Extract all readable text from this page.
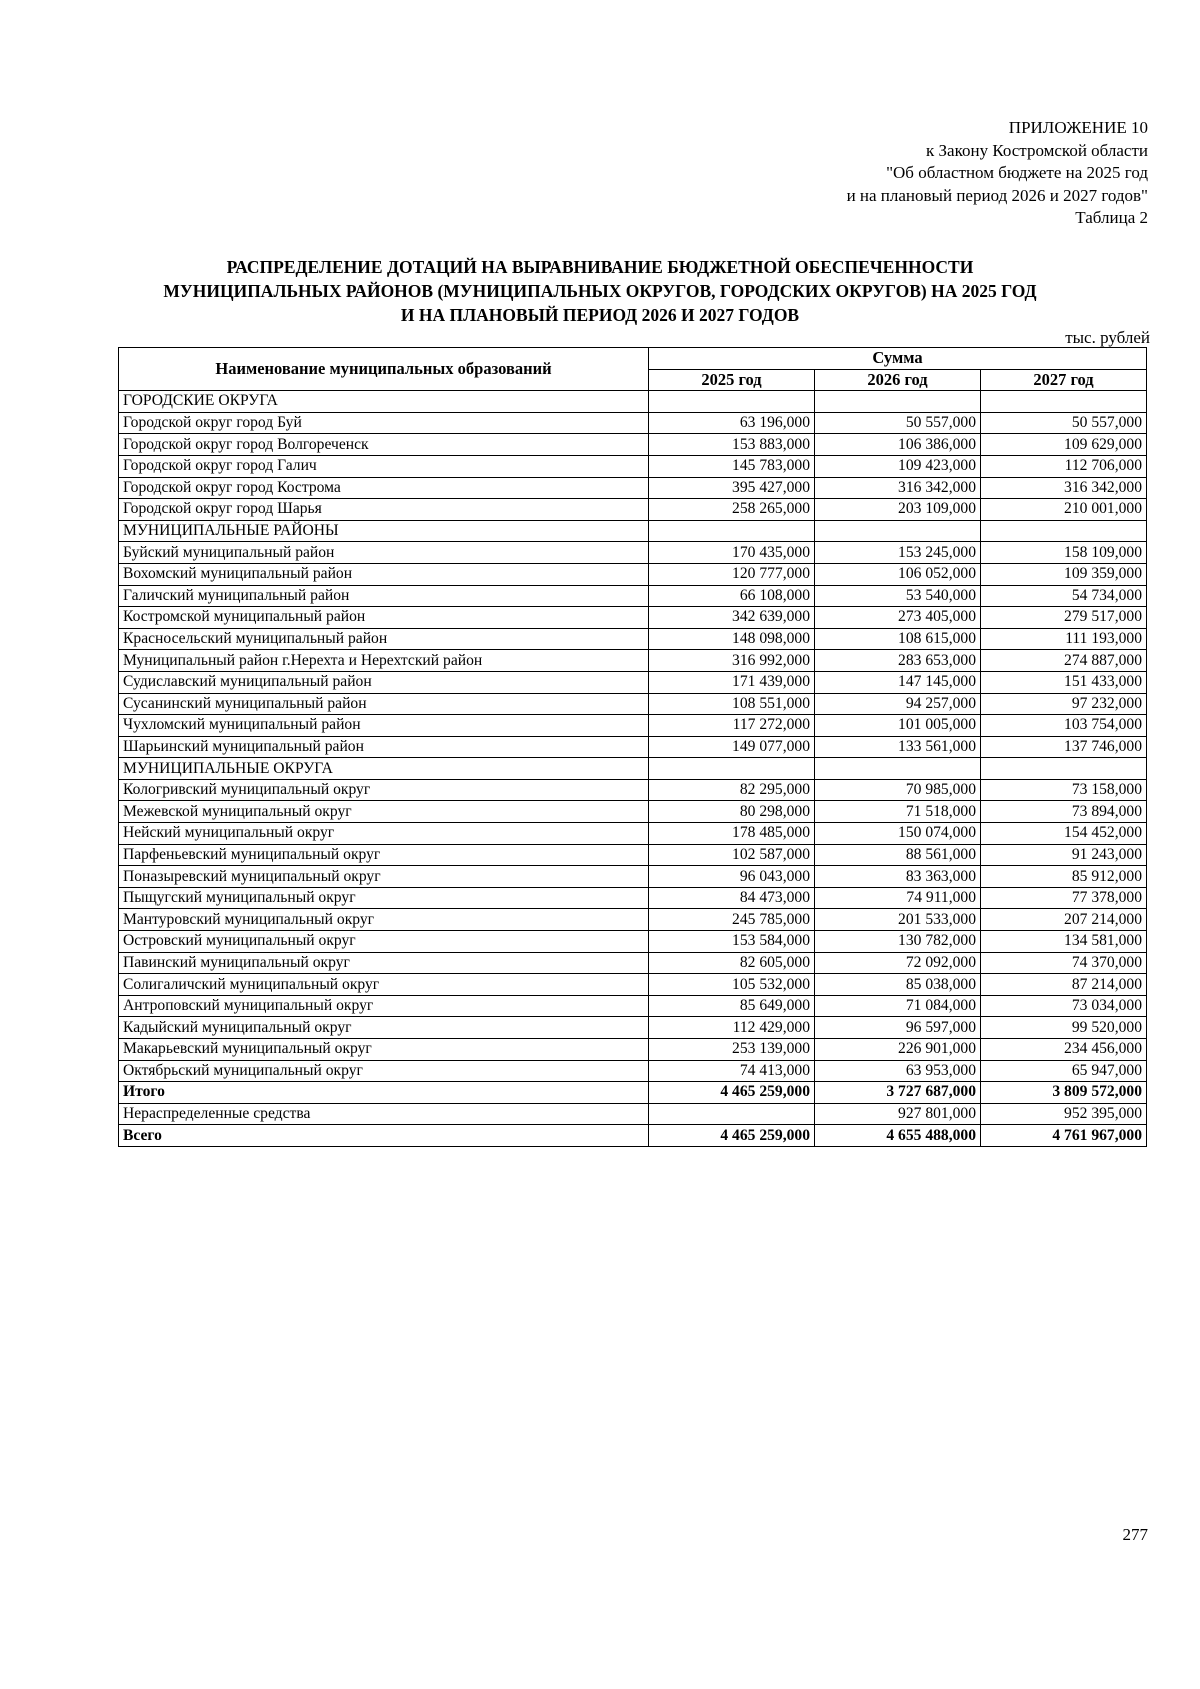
ПРИЛОЖЕНИЕ 10
к Закону Костромской области
"Об областном бюджете на 2025 год
и на плановый период 2026 и 2027 годов"
Таблица 2
РАСПРЕДЕЛЕНИЕ ДОТАЦИЙ НА ВЫРАВНИВАНИЕ БЮДЖЕТНОЙ ОБЕСПЕЧЕННОСТИ
МУНИЦИПАЛЬНЫХ РАЙОНОВ (МУНИЦИПАЛЬНЫХ ОКРУГОВ, ГОРОДСКИХ ОКРУГОВ) НА 2025 ГОД
И НА ПЛАНОВЫЙ ПЕРИОД 2026 И 2027 ГОДОВ
тыс. рублей
Наименование муниципальных образований	Сумма		
	2025 год	2026 год	2027 год
ГОРОДСКИЕ ОКРУГА			
Городской округ город Буй	63 196,000	50 557,000	50 557,000
Городской округ город Волгореченск	153 883,000	106 386,000	109 629,000
Городской округ город Галич	145 783,000	109 423,000	112 706,000
Городской округ город Кострома	395 427,000	316 342,000	316 342,000
Городской округ город Шарья	258 265,000	203 109,000	210 001,000
МУНИЦИПАЛЬНЫЕ РАЙОНЫ			
Буйский муниципальный район	170 435,000	153 245,000	158 109,000
Вохомский муниципальный район	120 777,000	106 052,000	109 359,000
Галичский муниципальный район	66 108,000	53 540,000	54 734,000
Костромской муниципальный район	342 639,000	273 405,000	279 517,000
Красносельский муниципальный район	148 098,000	108 615,000	111 193,000
Муниципальный район г.Нерехта и Нерехтский район	316 992,000	283 653,000	274 887,000
Судиславский муниципальный район	171 439,000	147 145,000	151 433,000
Сусанинский муниципальный район	108 551,000	94 257,000	97 232,000
Чухломский муниципальный район	117 272,000	101 005,000	103 754,000
Шарьинский муниципальный район	149 077,000	133 561,000	137 746,000
МУНИЦИПАЛЬНЫЕ ОКРУГА			
Кологривский муниципальный округ	82 295,000	70 985,000	73 158,000
Межевской муниципальный округ	80 298,000	71 518,000	73 894,000
Нейский муниципальный округ	178 485,000	150 074,000	154 452,000
Парфеньевский муниципальный округ	102 587,000	88 561,000	91 243,000
Поназыревский муниципальный округ	96 043,000	83 363,000	85 912,000
Пыщугский муниципальный округ	84 473,000	74 911,000	77 378,000
Мантуровский муниципальный округ	245 785,000	201 533,000	207 214,000
Островский муниципальный округ	153 584,000	130 782,000	134 581,000
Павинский муниципальный округ	82 605,000	72 092,000	74 370,000
Солигаличский муниципальный округ	105 532,000	85 038,000	87 214,000
Антроповский муниципальный округ	85 649,000	71 084,000	73 034,000
Кадыйский муниципальный округ	112 429,000	96 597,000	99 520,000
Макарьевский муниципальный округ	253 139,000	226 901,000	234 456,000
Октябрьский муниципальный округ	74 413,000	63 953,000	65 947,000
Итого	4 465 259,000	3 727 687,000	3 809 572,000
Нераспределенные средства		927 801,000	952 395,000
Всего	4 465 259,000	4 655 488,000	4 761 967,000
277
